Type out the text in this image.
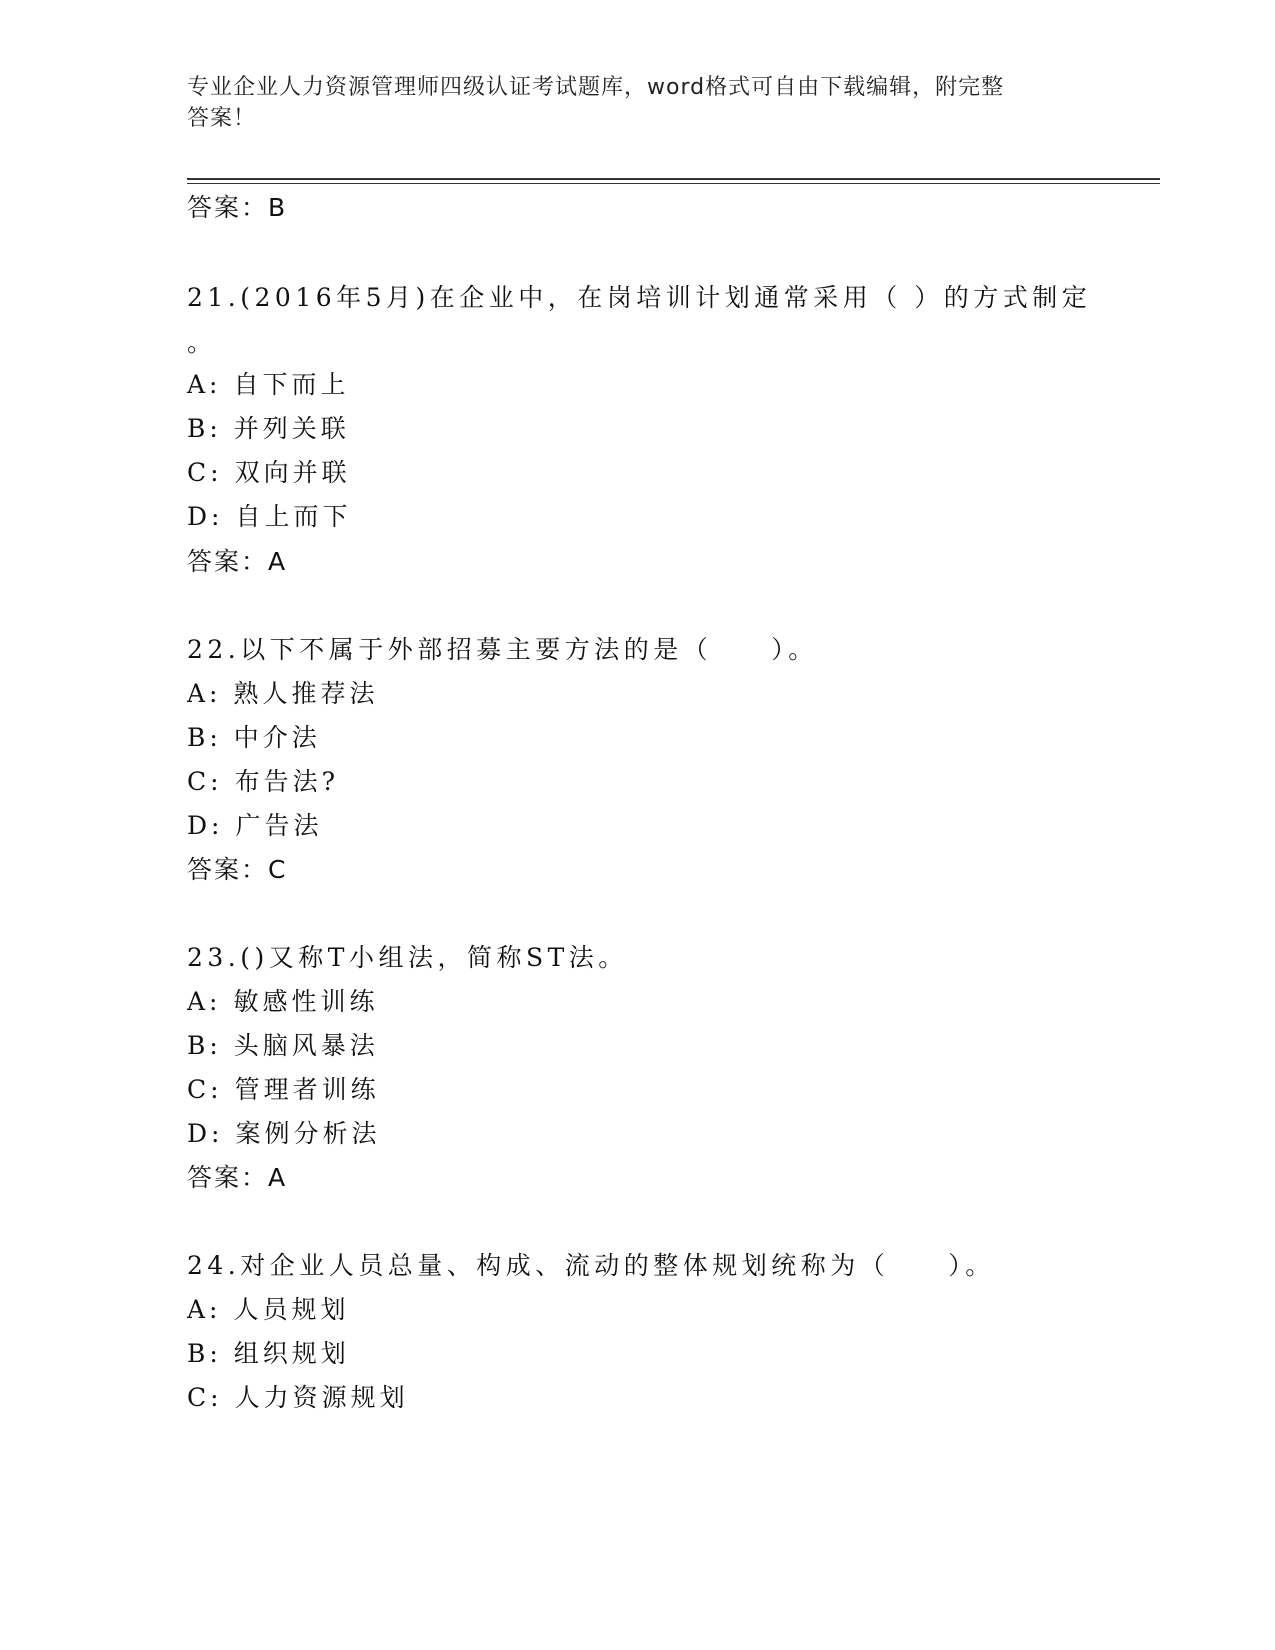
专业企业人力资源管理师四级认证考试题库，word格式可自由下载编辑，附完整
答案！
答案：B
21.(2016年5月)在企业中，在岗培训计划通常采用（ ）的方式制定
。
A: 自下而上
B: 并列关联
C: 双向并联
D: 自上而下
答案：A
22.以下不属于外部招募主要方法的是（　　）。
A: 熟人推荐法
B: 中介法
C: 布告法?
D: 广告法
答案：C
23.()又称T小组法，简称ST法。
A: 敏感性训练
B: 头脑风暴法
C: 管理者训练
D: 案例分析法
答案：A
24.对企业人员总量、构成、流动的整体规划统称为（　　）。
A: 人员规划
B: 组织规划
C: 人力资源规划
